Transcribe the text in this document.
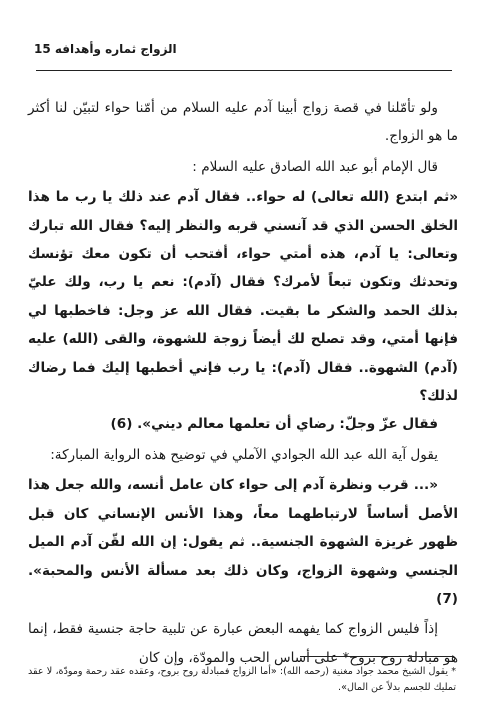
الزواج ثماره وأهدافه 15

ولو تأمّلنا في قصة زواج أبينا آدم عليه السلام من أمّنا حواء لتبيّن لنا أكثر ما هو الزواج.

قال الإمام أبو عبد الله الصادق عليه السلام :

«ثم ابتدع (الله تعالى) له حواء.. فقال آدم عند ذلك يا رب ما هذا الخلق الحسن الذي قد آنسني قربه والنظر إليه؟ فقال الله تبارك وتعالى: يا آدم، هذه أمتي حواء، أفتحب أن تكون معك تؤنسك وتحدثك وتكون تبعاً لأمرك؟ فقال (آدم): نعم يا رب، ولك عليّ بذلك الحمد والشكر ما بقيت. فقال الله عز وجل: فاخطبها لي فإنها أمتي، وقد تصلح لك أيضاً زوجة للشهوة، والقى (الله) عليه (آدم) الشهوة.. فقال (آدم): يا رب فإني أخطبها إليك فما رضاك لذلك؟

فقال عزّ وجلّ: رضاي أن تعلمها معالم ديني». (6)

يقول آية الله عبد الله الجوادي الآملي في توضيح هذه الرواية المباركة:

«... قرب ونظرة آدم إلى حواء كان عامل أنسه، والله جعل هذا الأصل أساساً لارتباطهما معاً، وهذا الأنس الإنساني كان قبل ظهور غريزة الشهوة الجنسية.. ثم يقول: إن الله لقّن آدم الميل الجنسي وشهوة الزواج، وكان ذلك بعد مسألة الأنس والمحبة». (7)

إذاً فليس الزواج كما يفهمه البعض عبارة عن تلبية حاجة جنسية فقط، إنما هو مبادلة روح بروح* على أساس الحب والمودّة، وإن كان

* يقول الشيخ محمد جواد مغنية (رحمه الله): «أما الزواج فمبادلة روح بروح، وعقده عقد رحمة ومودّة، لا عقد تمليك للجسم بدلاً عن المال».
